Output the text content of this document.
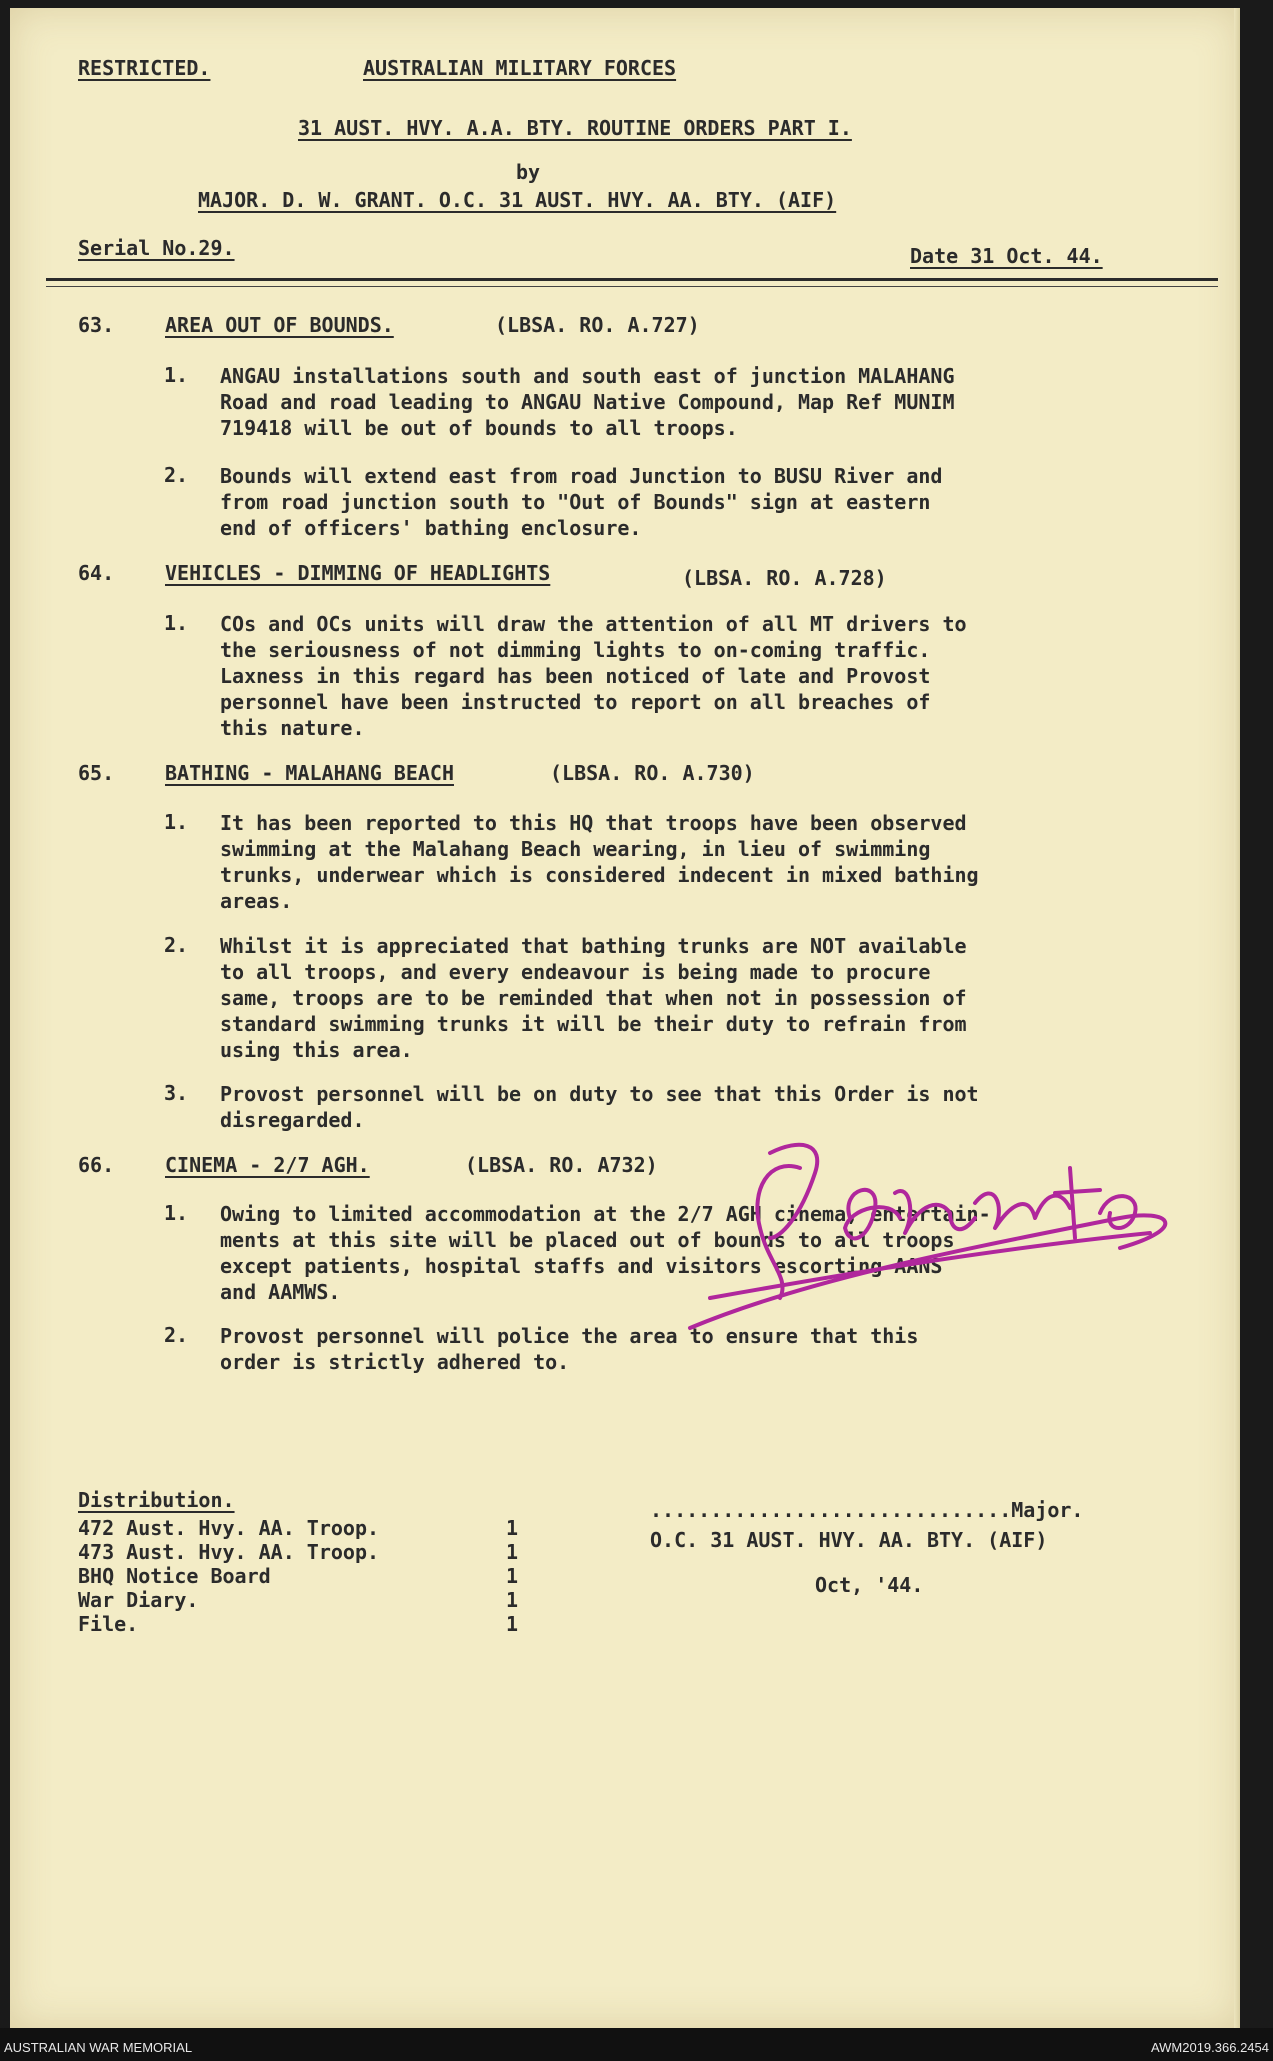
RESTRICTED.	AUSTRALIAN MILITARY FORCES
31 AUST. HVY. A.A. BTY. ROUTINE ORDERS PART I.
by
MAJOR. D. W. GRANT. O.C. 31 AUST. HVY. AA. BTY. (AIF)
Serial No.29.	Date 31 Oct. 44.
63.	AREA OUT OF BOUNDS.	(LBSA. RO. A.727)
1. ANGAU installations south and south east of junction MALAHANG
Road and road leading to ANGAU Native Compound, Map Ref MUNIM
719418 will be out of bounds to all troops.
2. Bounds will extend east from road Junction to BUSU River and
from road junction south to "Out of Bounds" sign at eastern
end of officers' bathing enclosure.
64.	VEHICLES - DIMMING OF HEADLIGHTS	(LBSA. RO. A.728)
1. COs and OCs units will draw the attention of all MT drivers to
the seriousness of not dimming lights to on-coming traffic.
Laxness in this regard has been noticed of late and Provost
personnel have been instructed to report on all breaches of
this nature.
65.	BATHING - MALAHANG BEACH	(LBSA. RO. A.730)
1. It has been reported to this HQ that troops have been observed
swimming at the Malahang Beach wearing, in lieu of swimming
trunks, underwear which is considered indecent in mixed bathing
areas.
2. Whilst it is appreciated that bathing trunks are NOT available
to all troops, and every endeavour is being made to procure
same, troops are to be reminded that when not in possession of
standard swimming trunks it will be their duty to refrain from
using this area.
3. Provost personnel will be on duty to see that this Order is not
disregarded.
66.	CINEMA - 2/7 AGH.	(LBSA. RO. A732)
1. Owing to limited accommodation at the 2/7 AGH cinema, entertain-
ments at this site will be placed out of bounds to all troops
except patients, hospital staffs and visitors escorting AANS
and AAMWS.
2. Provost personnel will police the area to ensure that this
order is strictly adhered to.
Distribution.
472 Aust. Hvy. AA. Troop.	1
473 Aust. Hvy. AA. Troop.	1
BHQ Notice Board	1
War Diary.	1
File.	1
..............................Major.
O.C. 31 AUST. HVY. AA. BTY. (AIF)
Oct, '44.
AUSTRALIAN WAR MEMORIAL	AWM2019.366.2454
